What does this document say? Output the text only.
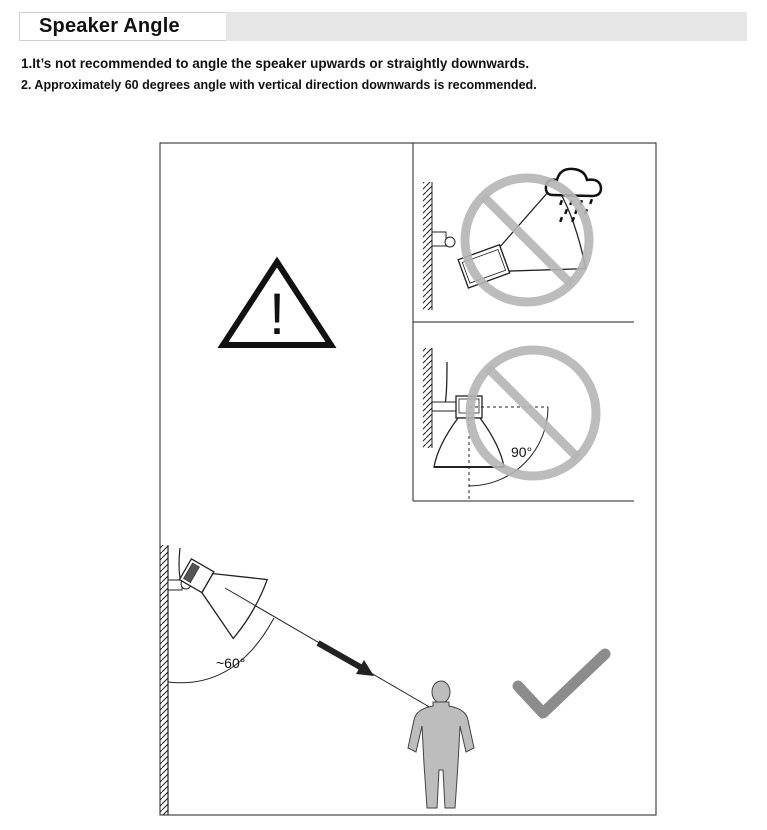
Speaker Angle
1.It’s not recommended to angle the speaker upwards or straightly downwards.
2. Approximately 60 degrees angle with vertical direction downwards is recommended.
!
90°
~60°
